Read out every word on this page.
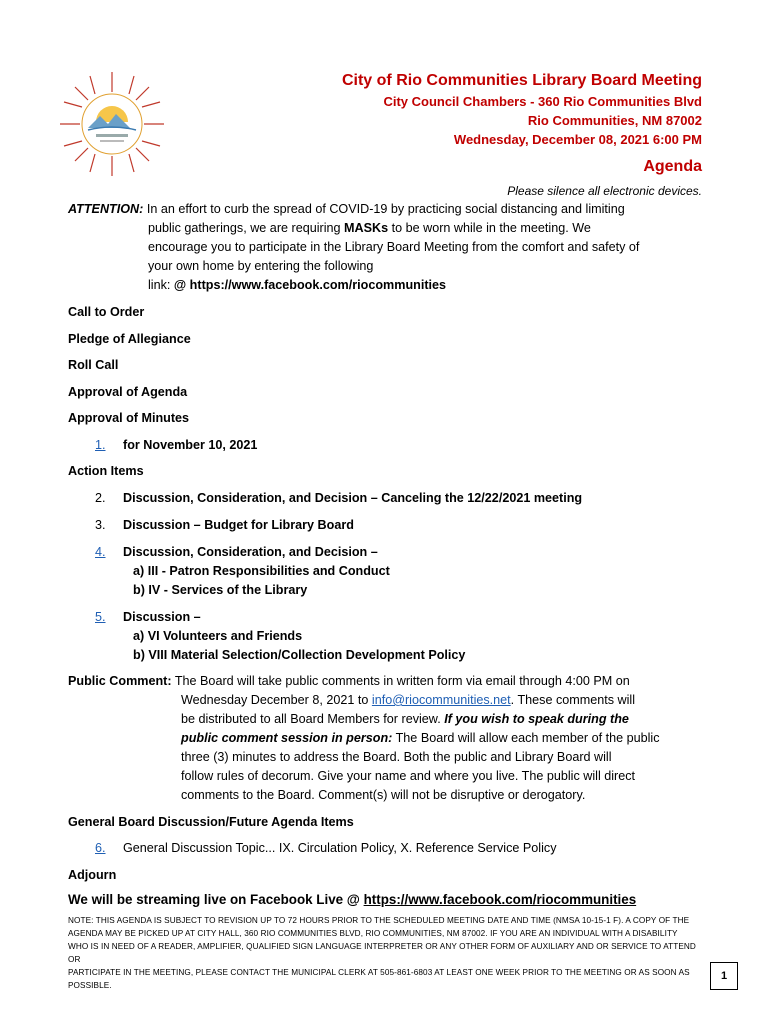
City of Rio Communities Library Board Meeting
City Council Chambers - 360 Rio Communities Blvd
Rio Communities, NM 87002
Wednesday, December 08, 2021 6:00 PM
Agenda
Please silence all electronic devices.
ATTENTION: In an effort to curb the spread of COVID-19 by practicing social distancing and limiting
public gatherings, we are requiring MASKs to be worn while in the meeting. We
encourage you to participate in the Library Board Meeting from the comfort and safety of
your own home by entering the following
link: @ https://www.facebook.com/riocommunities
Call to Order
Pledge of Allegiance
Roll Call
Approval of Agenda
Approval of Minutes
1. for November 10, 2021
Action Items
2. Discussion, Consideration, and Decision – Canceling the 12/22/2021 meeting
3. Discussion – Budget for Library Board
4. Discussion, Consideration, and Decision –
a) III - Patron Responsibilities and Conduct
b) IV - Services of the Library
5. Discussion –
a) VI Volunteers and Friends
b) VIII Material Selection/Collection Development Policy
Public Comment: The Board will take public comments in written form via email through 4:00 PM on
Wednesday December 8, 2021 to info@riocommunities.net. These comments will
be distributed to all Board Members for review. If you wish to speak during the
public comment session in person: The Board will allow each member of the public
three (3) minutes to address the Board. Both the public and Library Board will
follow rules of decorum. Give your name and where you live. The public will direct
comments to the Board. Comment(s) will not be disruptive or derogatory.
General Board Discussion/Future Agenda Items
6. General Discussion Topic... IX. Circulation Policy, X. Reference Service Policy
Adjourn
We will be streaming live on Facebook Live @ https://www.facebook.com/riocommunities
NOTE: THIS AGENDA IS SUBJECT TO REVISION UP TO 72 HOURS PRIOR TO THE SCHEDULED MEETING DATE AND TIME (NMSA 10-15-1 F). A COPY OF THE
AGENDA MAY BE PICKED UP AT CITY HALL, 360 RIO COMMUNITIES BLVD, RIO COMMUNITIES, NM 87002. IF YOU ARE AN INDIVIDUAL WITH A DISABILITY
WHO IS IN NEED OF A READER, AMPLIFIER, QUALIFIED SIGN LANGUAGE INTERPRETER OR ANY OTHER FORM OF AUXILIARY AND OR SERVICE TO ATTEND OR
PARTICIPATE IN THE MEETING, PLEASE CONTACT THE MUNICIPAL CLERK AT 505-861-6803 AT LEAST ONE WEEK PRIOR TO THE MEETING OR AS SOON AS
POSSIBLE.
1
